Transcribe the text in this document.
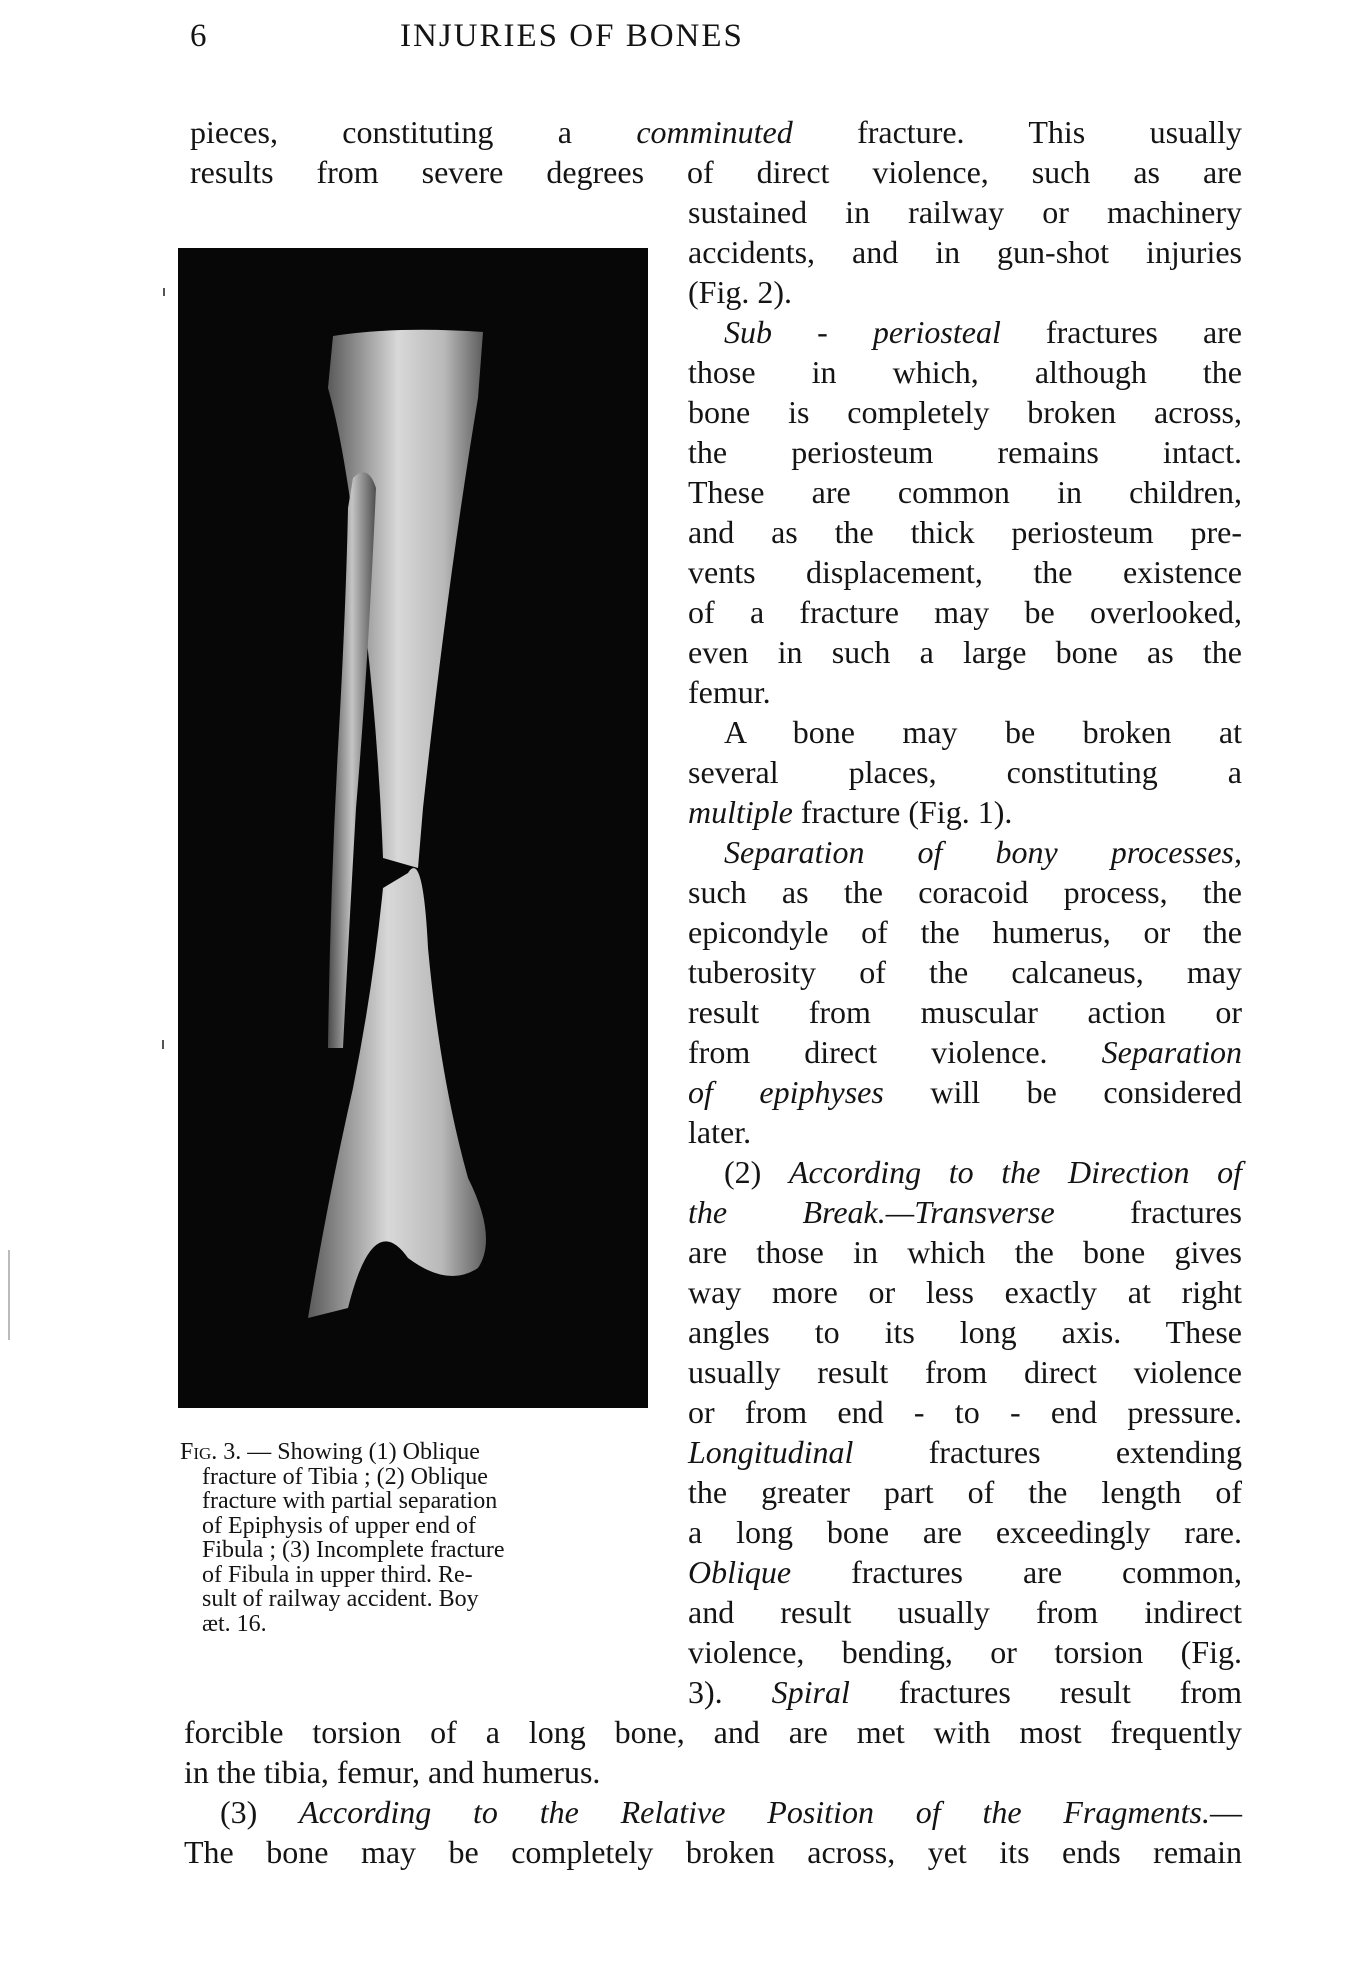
6	INJURIES OF BONES
pieces, constituting a comminuted fracture. This usually
results from severe degrees of direct violence, such as are
Fig. 3. — Showing (1) Oblique
fracture of Tibia ; (2) Oblique
fracture with partial separation
of Epiphysis of upper end of
Fibula ; (3) Incomplete fracture
of Fibula in upper third. Re-
sult of railway accident. Boy
æt. 16.
sustained in railway or machinery
accidents, and in gun-shot injuries
(Fig. 2).
Sub - periosteal fractures are
those in which, although the
bone is completely broken across,
the periosteum remains intact.
These are common in children,
and as the thick periosteum pre-
vents displacement, the existence
of a fracture may be overlooked,
even in such a large bone as the
femur.
A bone may be broken at
several places, constituting a
multiple fracture (Fig. 1).
Separation of bony processes,
such as the coracoid process, the
epicondyle of the humerus, or the
tuberosity of the calcaneus, may
result from muscular action or
from direct violence. Separation
of epiphyses will be considered
later.
(2) According to the Direction of
the Break.—Transverse fractures
are those in which the bone gives
way more or less exactly at right
angles to its long axis. These
usually result from direct violence
or from end - to - end pressure.
Longitudinal fractures extending
the greater part of the length of
a long bone are exceedingly rare.
Oblique fractures are common,
and result usually from indirect
violence, bending, or torsion (Fig.
3). Spiral fractures result from
forcible torsion of a long bone, and are met with most frequently
in the tibia, femur, and humerus.
(3) According to the Relative Position of the Fragments.—
The bone may be completely broken across, yet its ends remain
